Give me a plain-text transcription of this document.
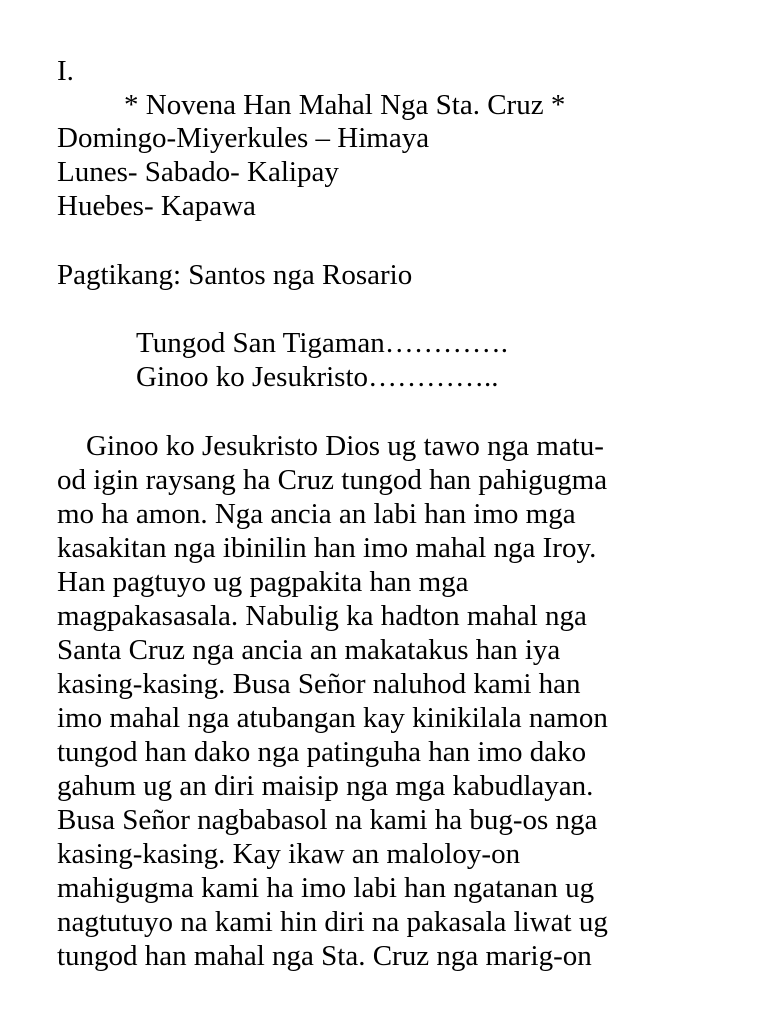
I.
* Novena Han Mahal Nga Sta. Cruz *
Domingo-Miyerkules – Himaya
Lunes- Sabado- Kalipay
Huebes- Kapawa
Pagtikang: Santos nga Rosario
Tungod San Tigaman………….
Ginoo ko Jesukristo…………..
Ginoo ko Jesukristo Dios ug tawo nga matu-
od igin raysang ha Cruz tungod han pahigugma
mo ha amon. Nga ancia an labi han imo mga
kasakitan nga ibinilin han imo mahal nga Iroy.
Han pagtuyo ug pagpakita han mga
magpakasasala. Nabulig ka hadton mahal nga
Santa Cruz nga ancia an makatakus han iya
kasing-kasing. Busa Señor naluhod kami han
imo mahal nga atubangan kay kinikilala namon
tungod han dako nga patinguha han imo dako
gahum ug an diri maisip nga mga kabudlayan.
Busa Señor nagbabasol na kami ha bug-os nga
kasing-kasing. Kay ikaw an maloloy-on
mahigugma kami ha imo labi han ngatanan ug
nagtutuyo na kami hin diri na pakasala liwat ug
tungod han mahal nga Sta. Cruz nga marig-on
